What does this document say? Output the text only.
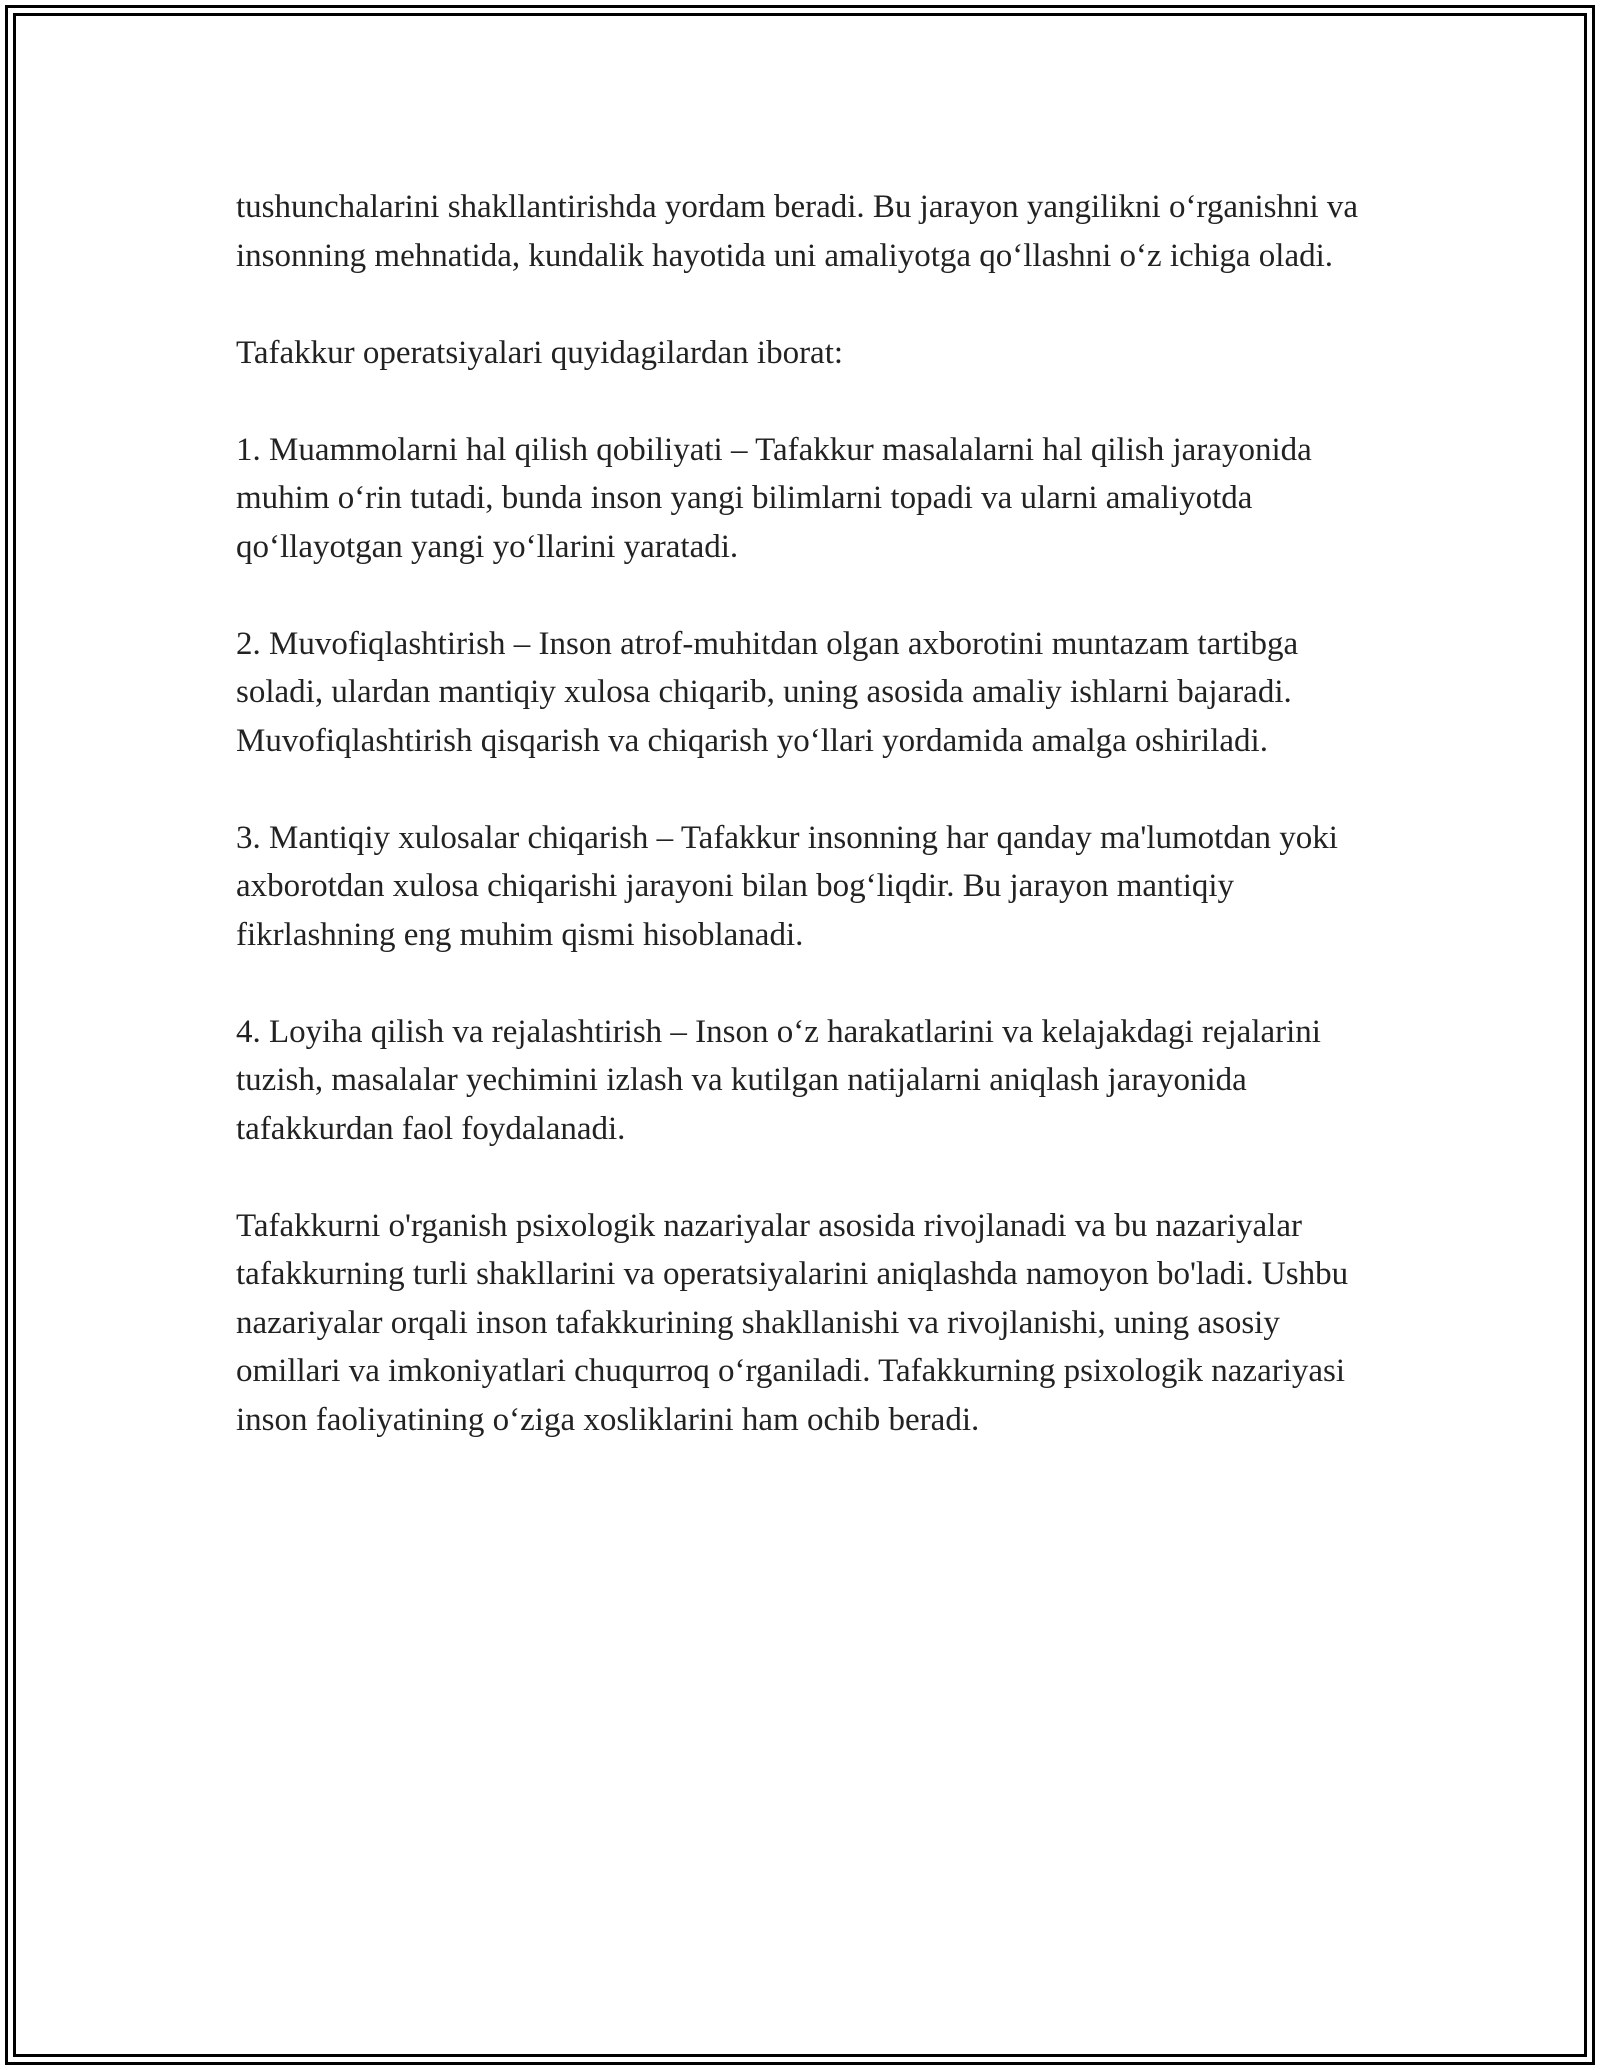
tushunchalarini shakllantirishda yordam beradi. Bu jarayon yangilikni o‘rganishni va insonning mehnatida, kundalik hayotida uni amaliyotga qo‘llashni o‘z ichiga oladi.

Tafakkur operatsiyalari quyidagilardan iborat:

1. Muammolarni hal qilish qobiliyati – Tafakkur masalalarni hal qilish jarayonida muhim o‘rin tutadi, bunda inson yangi bilimlarni topadi va ularni amaliyotda qo‘llayotgan yangi yo‘llarini yaratadi.

2. Muvofiqlashtirish – Inson atrof-muhitdan olgan axborotini muntazam tartibga soladi, ulardan mantiqiy xulosa chiqarib, uning asosida amaliy ishlarni bajaradi. Muvofiqlashtirish qisqarish va chiqarish yo‘llari yordamida amalga oshiriladi.

3. Mantiqiy xulosalar chiqarish – Tafakkur insonning har qanday ma'lumotdan yoki axborotdan xulosa chiqarishi jarayoni bilan bog‘liqdir. Bu jarayon mantiqiy fikrlashning eng muhim qismi hisoblanadi.

4. Loyiha qilish va rejalashtirish – Inson o‘z harakatlarini va kelajakdagi rejalarini tuzish, masalalar yechimini izlash va kutilgan natijalarni aniqlash jarayonida tafakkurdan faol foydalanadi.

Tafakkurni o'rganish psixologik nazariyalar asosida rivojlanadi va bu nazariyalar tafakkurning turli shakllarini va operatsiyalarini aniqlashda namoyon bo'ladi. Ushbu nazariyalar orqali inson tafakkurining shakllanishi va rivojlanishi, uning asosiy omillari va imkoniyatlari chuqurroq o‘rganiladi. Tafakkurning psixologik nazariyasi inson faoliyatining o‘ziga xosliklarini ham ochib beradi.
